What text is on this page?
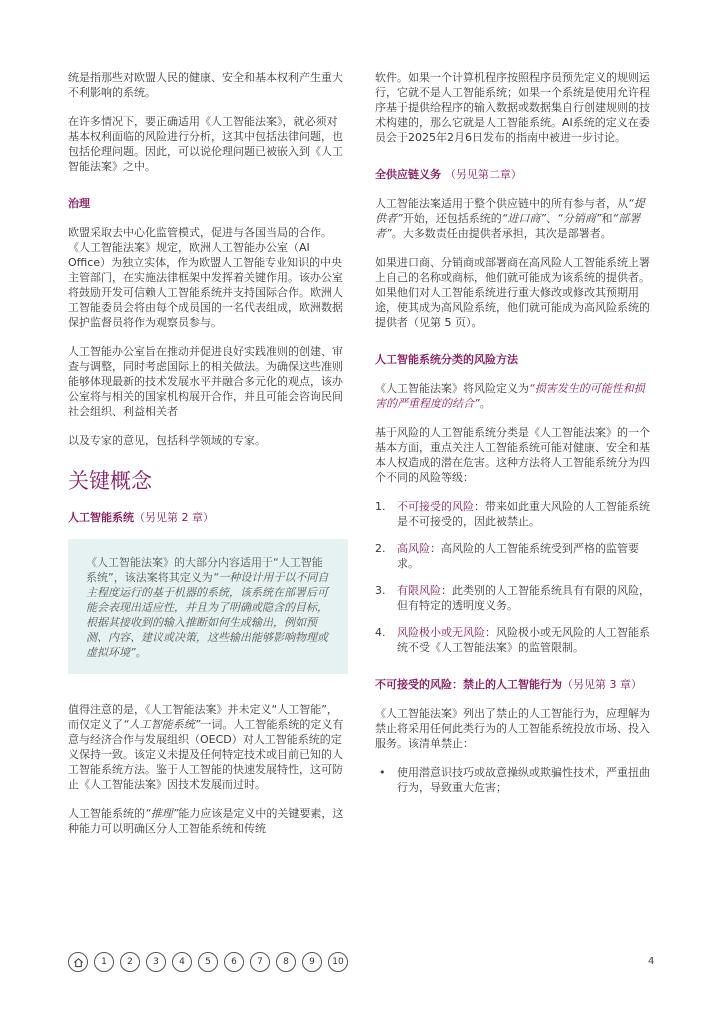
统是指那些对欧盟人民的健康、安全和基本权利产生重大不利影响的系统。

在许多情况下，要正确适用《人工智能法案》，就必须对基本权利面临的风险进行分析，这其中包括法律问题，也包括伦理问题。因此，可以说伦理问题已被嵌入到《人工智能法案》之中。

治理

欧盟采取去中心化监管模式，促进与各国当局的合作。《人工智能法案》规定，欧洲人工智能办公室（AI Office）为独立实体，作为欧盟人工智能专业知识的中央主管部门，在实施法律框架中发挥着关键作用。该办公室将鼓励开发可信赖人工智能系统并支持国际合作。欧洲人工智能委员会将由每个成员国的一名代表组成，欧洲数据保护监督员将作为观察员参与。

人工智能办公室旨在推动并促进良好实践准则的创建、审查与调整，同时考虑国际上的相关做法。为确保这些准则能够体现最新的技术发展水平并融合多元化的观点，该办公室将与相关的国家机构展开合作，并且可能会咨询民间社会组织、利益相关者

以及专家的意见，包括科学领域的专家。

关键概念
人工智能系统（另见第 2 章）
《人工智能法案》的大部分内容适用于“人工智能系统”，该法案将其定义为“一种设计用于以不同自主程度运行的基于机器的系统，该系统在部署后可能会表现出适应性，并且为了明确或隐含的目标，根据其接收到的输入推断如何生成输出，例如预测、内容、建议或决策，这些输出能够影响物理或虚拟环境”。

值得注意的是，《人工智能法案》并未定义“人工智能”，而仅定义了“人工智能系统”一词。人工智能系统的定义有意与经济合作与发展组织（OECD）对人工智能系统的定义保持一致。该定义未提及任何特定技术或目前已知的人工智能系统方法。鉴于人工智能的快速发展特性，这可防止《人工智能法案》因技术发展而过时。

人工智能系统的“推理”能力应该是定义中的关键要素，这种能力可以明确区分人工智能系统和传统

软件。如果一个计算机程序按照程序员预先定义的规则运行，它就不是人工智能系统；如果一个系统是使用允许程序基于提供给程序的输入数据或数据集自行创建规则的技术构建的，那么它就是人工智能系统。AI系统的定义在委员会于2025年2月6日发布的指南中被进一步讨论。

全供应链义务 （另见第二章）

人工智能法案适用于整个供应链中的所有参与者，从“提供者”开始，还包括系统的“进口商”、“分销商”和“部署者”。大多数责任由提供者承担，其次是部署者。

如果进口商、分销商或部署商在高风险人工智能系统上署上自己的名称或商标，他们就可能成为该系统的提供者。如果他们对人工智能系统进行重大修改或修改其预期用途，使其成为高风险系统，他们就可能成为高风险系统的提供者（见第 5 页）。

人工智能系统分类的风险方法

《人工智能法案》将风险定义为“损害发生的可能性和损害的严重程度的结合”。

基于风险的人工智能系统分类是《人工智能法案》的一个基本方面，重点关注人工智能系统可能对健康、安全和基本人权造成的潜在危害。这种方法将人工智能系统分为四个不同的风险等级：

1. 不可接受的风险：带来如此重大风险的人工智能系统是不可接受的，因此被禁止。
2. 高风险：高风险的人工智能系统受到严格的监管要求。
3. 有限风险：此类别的人工智能系统具有有限的风险，但有特定的透明度义务。
4. 风险极小或无风险：风险极小或无风险的人工智能系统不受《人工智能法案》的监管限制。
不可接受的风险：禁止的人工智能行为（另见第 3 章）

《人工智能法案》列出了禁止的人工智能行为，应理解为禁止将采用任何此类行为的人工智能系统投放市场、投入服务。该清单禁止：

• 使用潜意识技巧或故意操纵或欺骗性技术，严重扭曲行为，导致重大危害；
1	2	3	4	5	6	7	8	9	10	4
